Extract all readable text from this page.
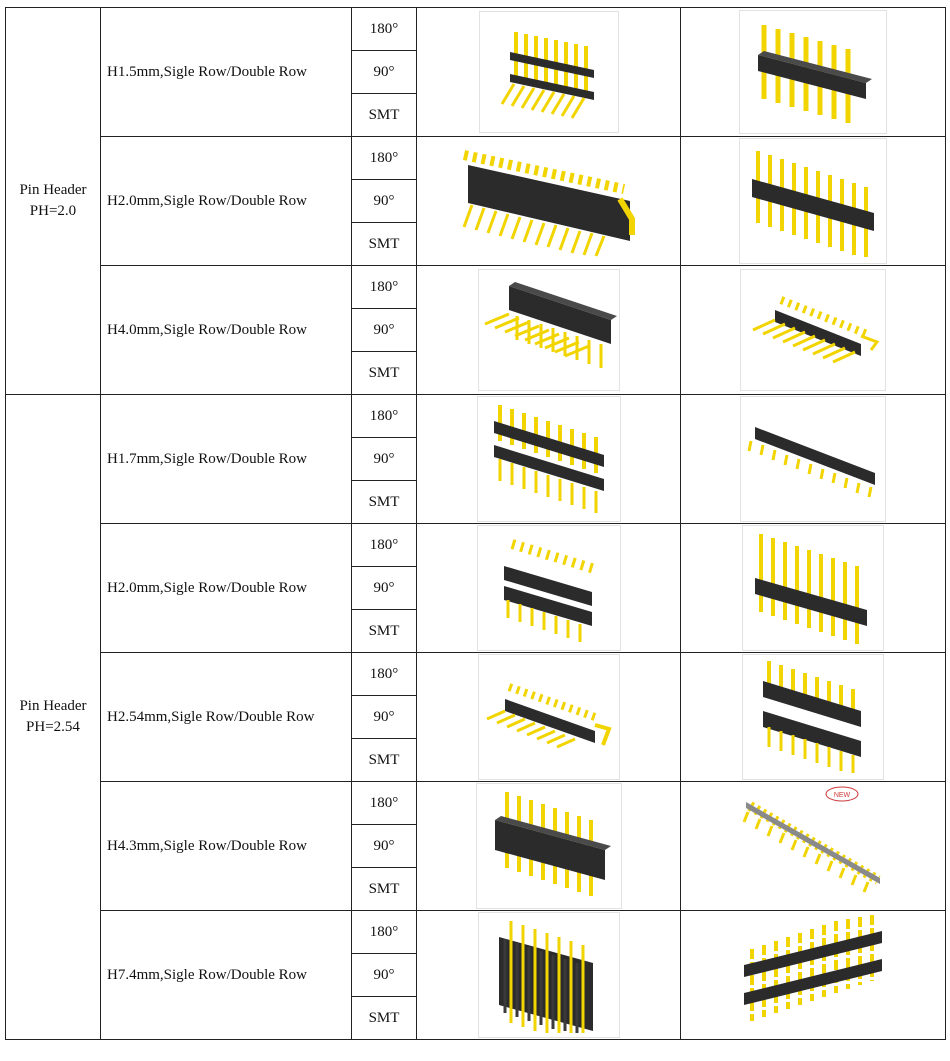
Pin Header
PH=2.0	H1.5mm,Sigle Row/Double Row	180°	

		90°		
		SMT		
	H2.0mm,Sigle Row/Double Row	180°	

		90°		
		SMT		
	H4.0mm,Sigle Row/Double Row	180°	

		90°		
		SMT		

Pin Header
PH=2.54	H1.7mm,Sigle Row/Double Row	180°	

		90°		
		SMT		
	H2.0mm,Sigle Row/Double Row	180°	

		90°		
		SMT		
	H2.54mm,Sigle Row/Double Row	180°	

		90°		
		SMT		
	H4.3mm,Sigle Row/Double Row	180°		NEW

		90°		
		SMT		
	H7.4mm,Sigle Row/Double Row	180°	

		90°		
		SMT		
